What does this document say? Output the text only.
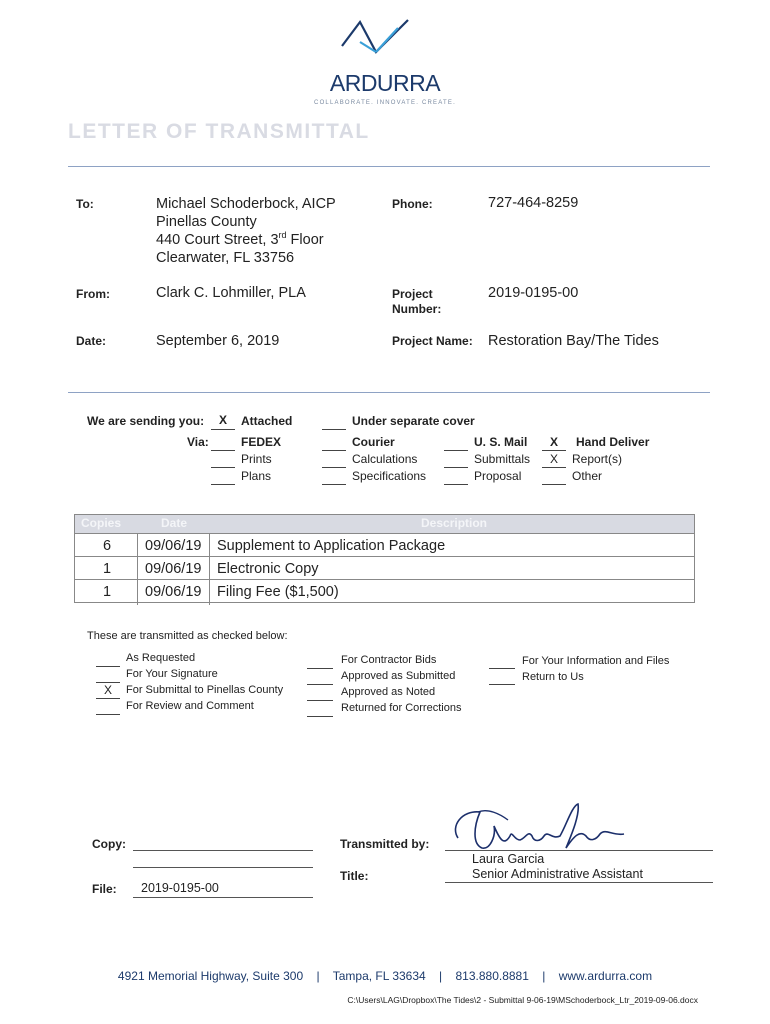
ARDURRA
COLLABORATE. INNOVATE. CREATE.
LETTER OF TRANSMITTAL
To:	Michael Schoderbock, AICP
Pinellas County
440 Court Street, 3rd Floor
Clearwater, FL 33756
Phone:	727-464-8259
From:	Clark C. Lohmiller, PLA	Project
Number:
2019-0195-00
Date:	September 6, 2019	Project Name: Restoration Bay/The Tides
We are sending you:	X	Attached	Under separate cover
Via:	FEDEX	Courier	U. S. Mail	X	Hand Deliver
Prints	Calculations	Submittals	X	Report(s)
Plans	Specifications	Proposal	Other
Copies	Date	Description
6 09/06/19 Supplement to Application Package
1 09/06/19 Electronic Copy
1 09/06/19 Filing Fee ($1,500)
These are transmitted as checked below:
As Requested
For Your Signature
X	For Submittal to Pinellas County
For Review and Comment
For Contractor Bids
Approved as Submitted
Approved as Noted
Returned for Corrections
For Your Information and Files
Return to Us
Copy:
File: 2019-0195-00
Transmitted by:
Laura Garcia
Title:	Senior Administrative Assistant
4921 Memorial Highway, Suite 300 | Tampa, FL 33634 | 813.880.8881 | www.ardurra.com
C:\Users\LAG\Dropbox\The Tides\2 - Submittal 9-06-19\MSchoderbock_Ltr_2019-09-06.docx
